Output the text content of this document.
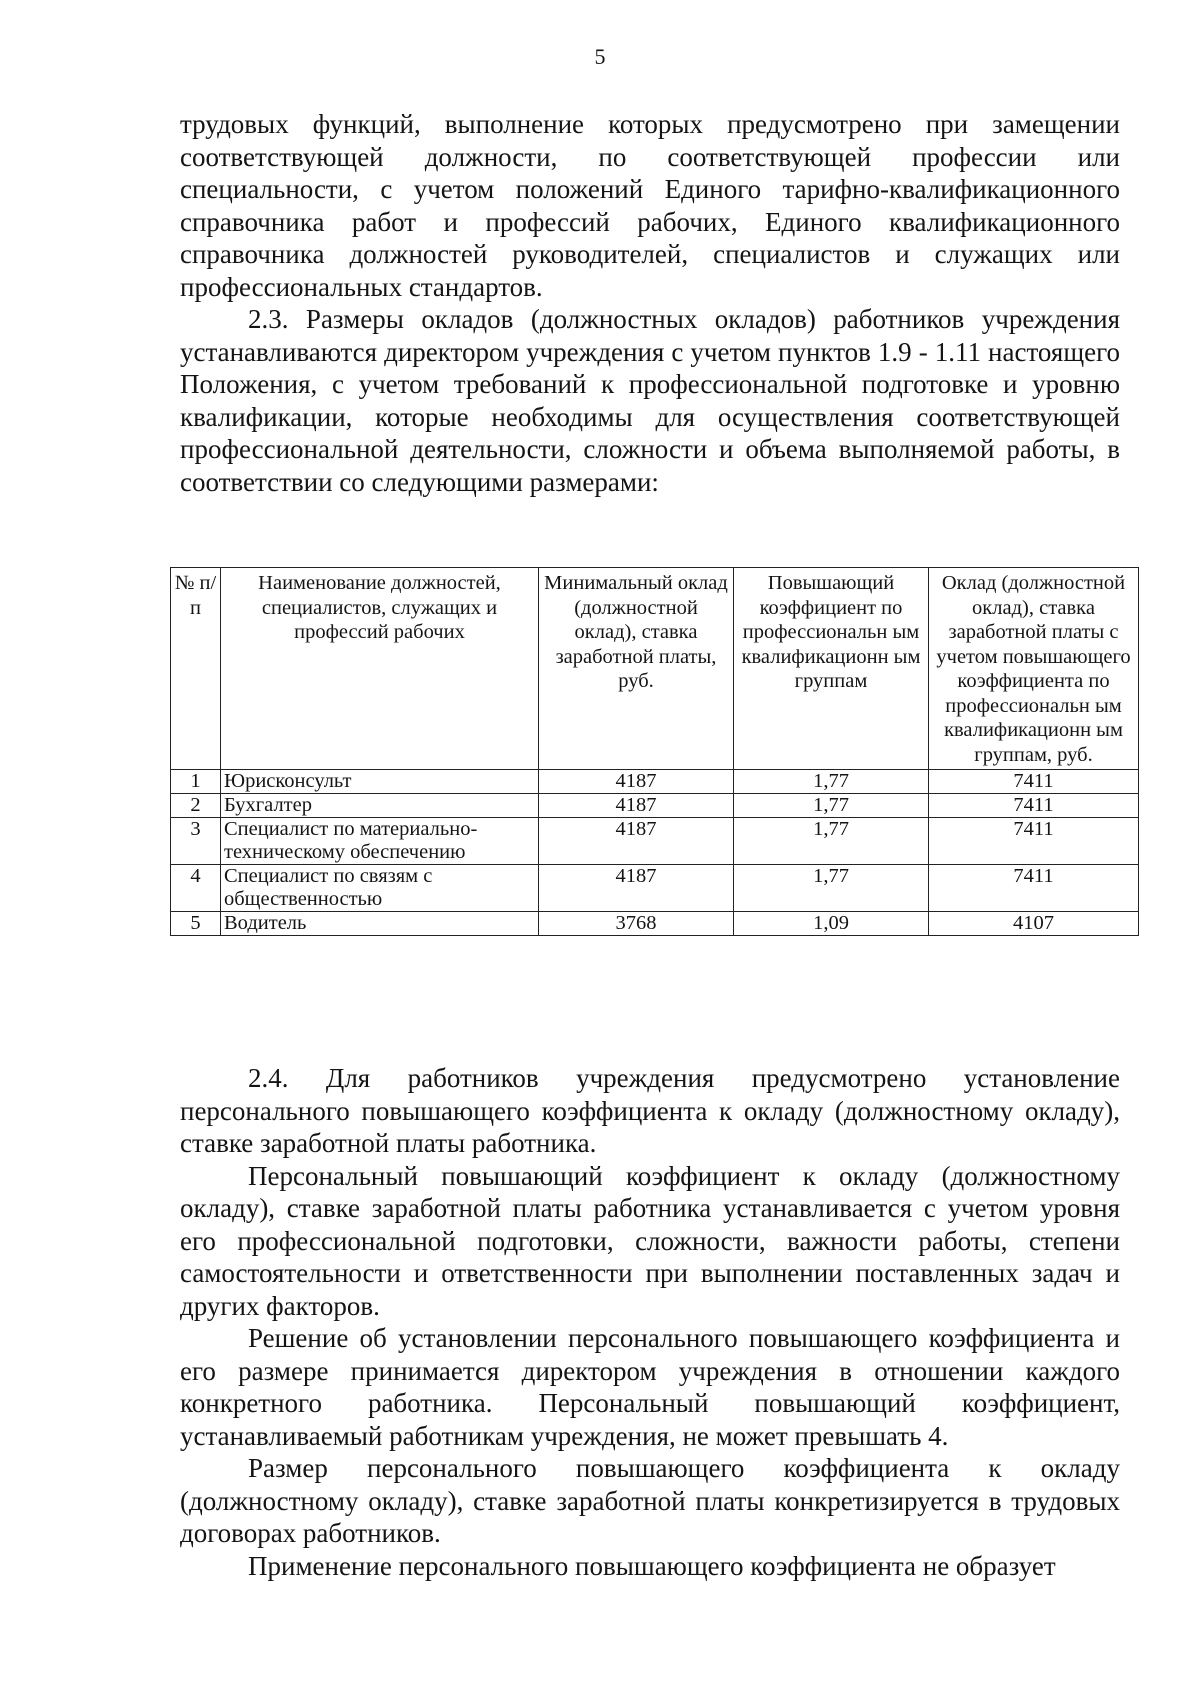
5

трудовых функций, выполнение которых предусмотрено при замещении соответствующей должности, по соответствующей профессии или специальности, с учетом положений Единого тарифно-квалификационного справочника работ и профессий рабочих, Единого квалификационного справочника должностей руководителей, специалистов и служащих или профессиональных стандартов.

2.3. Размеры окладов (должностных окладов) работников учреждения устанавливаются директором учреждения с учетом пунктов 1.9 - 1.11 настоящего Положения, с учетом требований к профессиональной подготовке и уровню квалификации, которые необходимы для осуществления соответствующей профессиональной деятельности, сложности и объема выполняемой работы, в соответствии со следующими размерами:

№ п/п	Наименование должностей, специалистов, служащих и профессий рабочих	Минимальный оклад (должностной оклад), ставка заработной платы, руб.	Повышающий коэффициент по профессиональн ым квалификационн ым группам	Оклад (должностной оклад), ставка заработной платы с учетом повышающего коэффициента по профессиональн ым квалификационн ым группам, руб.
1	Юрисконсульт	4187	1,77	7411
2	Бухгалтер	4187	1,77	7411
3	Специалист по материально-техническому обеспечению	4187	1,77	7411
4	Специалист по связям с общественностью	4187	1,77	7411
5	Водитель	3768	1,09	4107

2.4. Для работников учреждения предусмотрено установление персонального повышающего коэффициента к окладу (должностному окладу), ставке заработной платы работника.

Персональный повышающий коэффициент к окладу (должностному окладу), ставке заработной платы работника устанавливается с учетом уровня его профессиональной подготовки, сложности, важности работы, степени самостоятельности и ответственности при выполнении поставленных задач и других факторов.

Решение об установлении персонального повышающего коэффициента и его размере принимается директором учреждения в отношении каждого конкретного работника. Персональный повышающий коэффициент, устанавливаемый работникам учреждения, не может превышать 4.

Размер персонального повышающего коэффициента к окладу (должностному окладу), ставке заработной платы конкретизируется в трудовых договорах работников.

Применение персонального повышающего коэффициента не образует
